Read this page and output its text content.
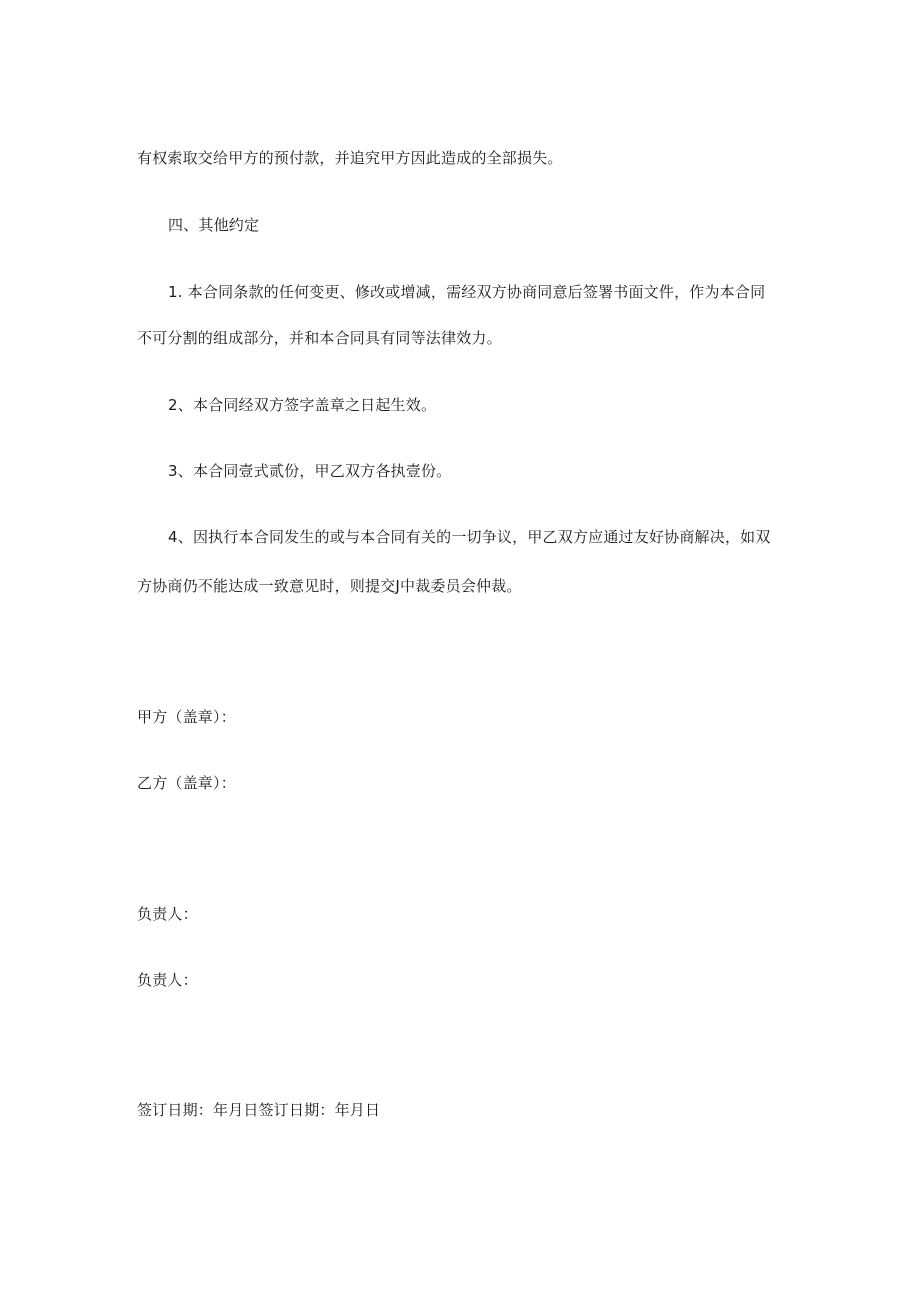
有权索取交给甲方的预付款，并追究甲方因此造成的全部损失。
四、其他约定
1. 本合同条款的任何变更、修改或增减，需经双方协商同意后签署书面文件，作为本合同
不可分割的组成部分，并和本合同具有同等法律效力。
2、本合同经双方签字盖章之日起生效。
3、本合同壹式贰份，甲乙双方各执壹份。
4、因执行本合同发生的或与本合同有关的一切争议，甲乙双方应通过友好协商解决，如双
方协商仍不能达成一致意见时，则提交J中裁委员会仲裁。
甲方（盖章）：
乙方（盖章）：
负责人：
负责人：
签订日期：年月日签订日期：年月日
